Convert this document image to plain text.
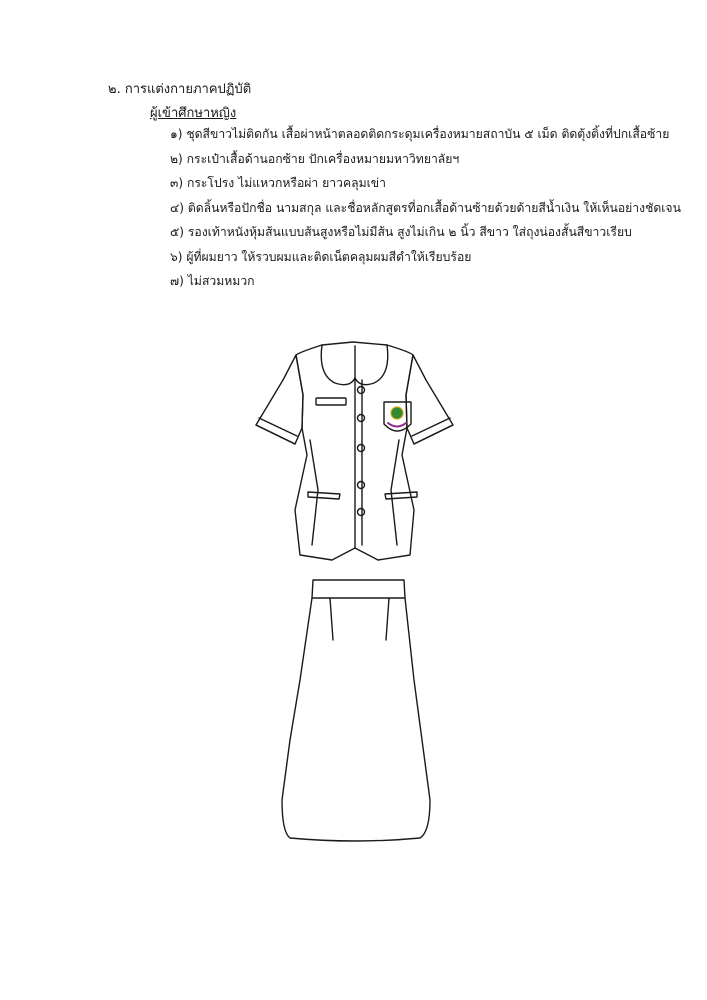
๒. การแต่งกายภาคปฏิบัติ
ผู้เข้าศึกษาหญิง
๑) ชุดสีขาวไม่ติดกัน เสื้อผ่าหน้าตลอดติดกระดุมเครื่องหมายสถาบัน ๕ เม็ด ติดตุ้งติ้งที่ปกเสื้อซ้าย
๒) กระเป๋าเสื้อด้านอกซ้าย ปักเครื่องหมายมหาวิทยาลัยฯ
๓) กระโปรง ไม่แหวกหรือผ่า ยาวคลุมเข่า
๔) ติดลิ้นหรือปักชื่อ นามสกุล และชื่อหลักสูตรที่อกเสื้อด้านซ้ายด้วยด้ายสีน้ำเงิน ให้เห็นอย่างชัดเจน
๕) รองเท้าหนังหุ้มส้นแบบส้นสูงหรือไม่มีส้น สูงไม่เกิน ๒ นิ้ว สีขาว ใส่ถุงน่องสั้นสีขาวเรียบ
๖) ผู้ที่ผมยาว ให้รวบผมและติดเน็ตคลุมผมสีดำให้เรียบร้อย
๗) ไม่สวมหมวก
